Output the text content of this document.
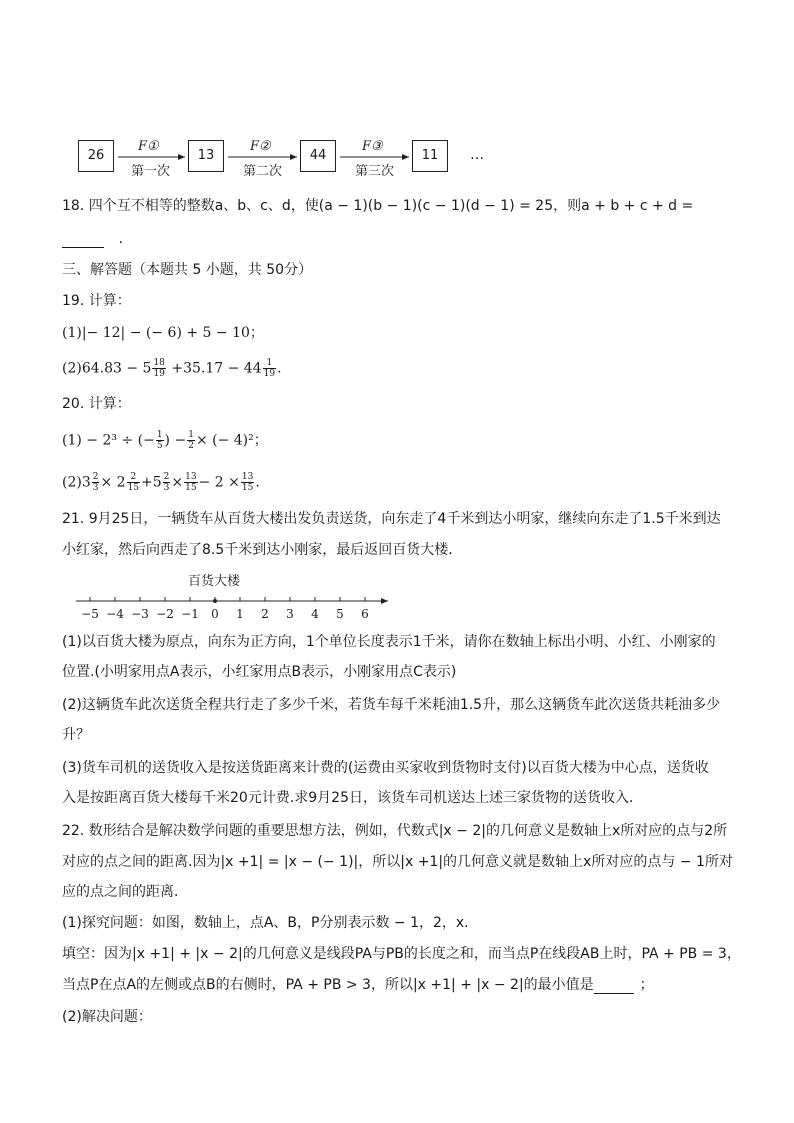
26	13	44	11
F①	F②	F③
第一次	第二次	第三次
…
18. 四个互不相等的整数a、b、c、d，使(a − 1)(b − 1)(c − 1)(d − 1) = 25，则a + b + c + d =
.
三、解答题（本题共 5 小题，共 50分）
19. 计算：
(1)|− 12| − (− 6) + 5 − 10；
$(2)64.83 - 5 \frac{18}{19} +35.17 - 44 \frac{1}{19}$ .
20. 计算：
(1) − 2³ ÷ (− $\frac{1}{5}$ ) − $\frac{1}{2}$ × (− 4)²；
$(2)3 \frac{2}{3} \times 2 \frac{2}{15} +5 \frac{2}{3} \times \frac{13}{15} - 2 \times \frac{13}{15}$ .
21. 9月25日，一辆货车从百货大楼出发负责送货，向东走了4千米到达小明家，继续向东走了1.5千米到达
小红家，然后向西走了8.5千米到达小刚家，最后返回百货大楼．
百货大楼
−5 −4 −3 −2 −1 0 1 2 3 4 5 6
(1)以百货大楼为原点，向东为正方向，1个单位长度表示1千米，请你在数轴上标出小明、小红、小刚家的
位置.(小明家用点A表示，小红家用点B表示，小刚家用点C表示)
(2)这辆货车此次送货全程共行走了多少千米，若货车每千米耗油1.5升，那么这辆货车此次送货共耗油多少
升？
(3)货车司机的送货收入是按送货距离来计费的(运费由买家收到货物时支付)以百货大楼为中心点，送货收
入是按距离百货大楼每千米20元计费.求9月25日，该货车司机送达上述三家货物的送货收入．
22. 数形结合是解决数学问题的重要思想方法，例如，代数式|x − 2|的几何意义是数轴上x所对应的点与2所
对应的点之间的距离.因为|x +1| = |x − (− 1)|，所以|x +1|的几何意义就是数轴上x所对应的点与 − 1所对
应的点之间的距离．
(1)探究问题：如图，数轴上，点A、B，P分别表示数 − 1，2，x．
填空：因为|x +1| + |x − 2|的几何意义是线段PA与PB的长度之和，而当点P在线段AB上时，PA + PB = 3，
当点P在点A的左侧或点B的右侧时，PA + PB > 3，所以|x +1| + |x − 2|的最小值是	；
(2)解决问题：
